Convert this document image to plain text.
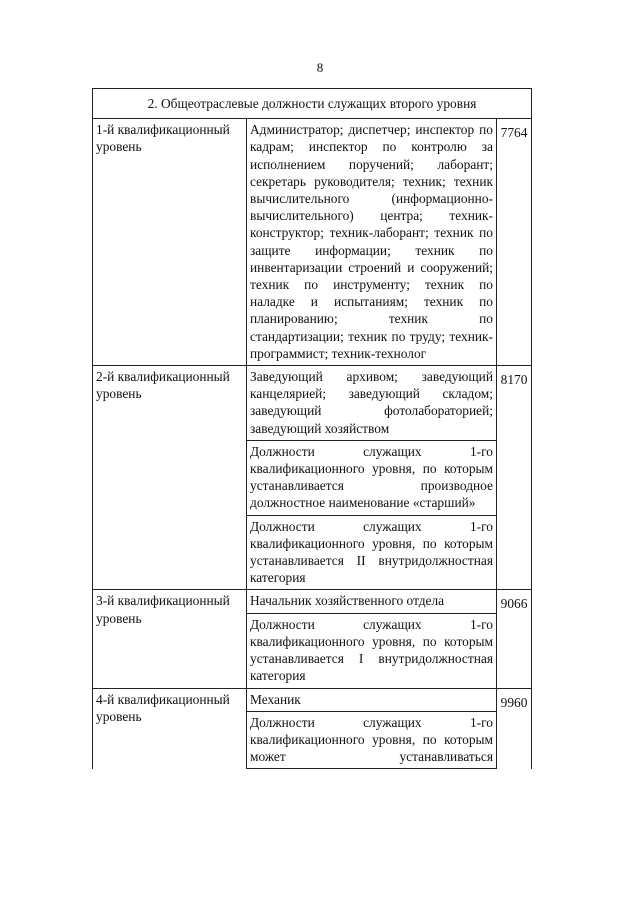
8
2. Общеотраслевые должности служащих второго уровня		
1-й квалификационный уровень	Администратор; диспетчер; инспектор по кадрам; инспектор по контролю за исполнением поручений; лаборант; секретарь руководителя; техник; техник вычислительного (информационно-вычислительного) центра; техник-конструктор; техник-лаборант; техник по защите информации; техник по инвентаризации строений и сооружений; техник по инструменту; техник по наладке и испытаниям; техник по планированию; техник по стандартизации; техник по труду; техник-программист; техник-технолог	7764
2-й квалификационный уровень	Заведующий архивом; заведующий канцелярией; заведующий складом; заведующий фотолабораторией; заведующий хозяйством	8170
	Должности служащих 1-го квалификационного уровня, по которым устанавливается производное должностное наименование «старший»	
	Должности служащих 1-го квалификационного уровня, по которым устанавливается II внутридолжностная категория	
3-й квалификационный уровень	Начальник хозяйственного отдела	9066
	Должности служащих 1-го квалификационного уровня, по которым устанавливается I внутридолжностная категория	
4-й квалификационный уровень	Механик	9960
	Должности служащих 1-го квалификационного уровня, по которым может устанавливаться	
